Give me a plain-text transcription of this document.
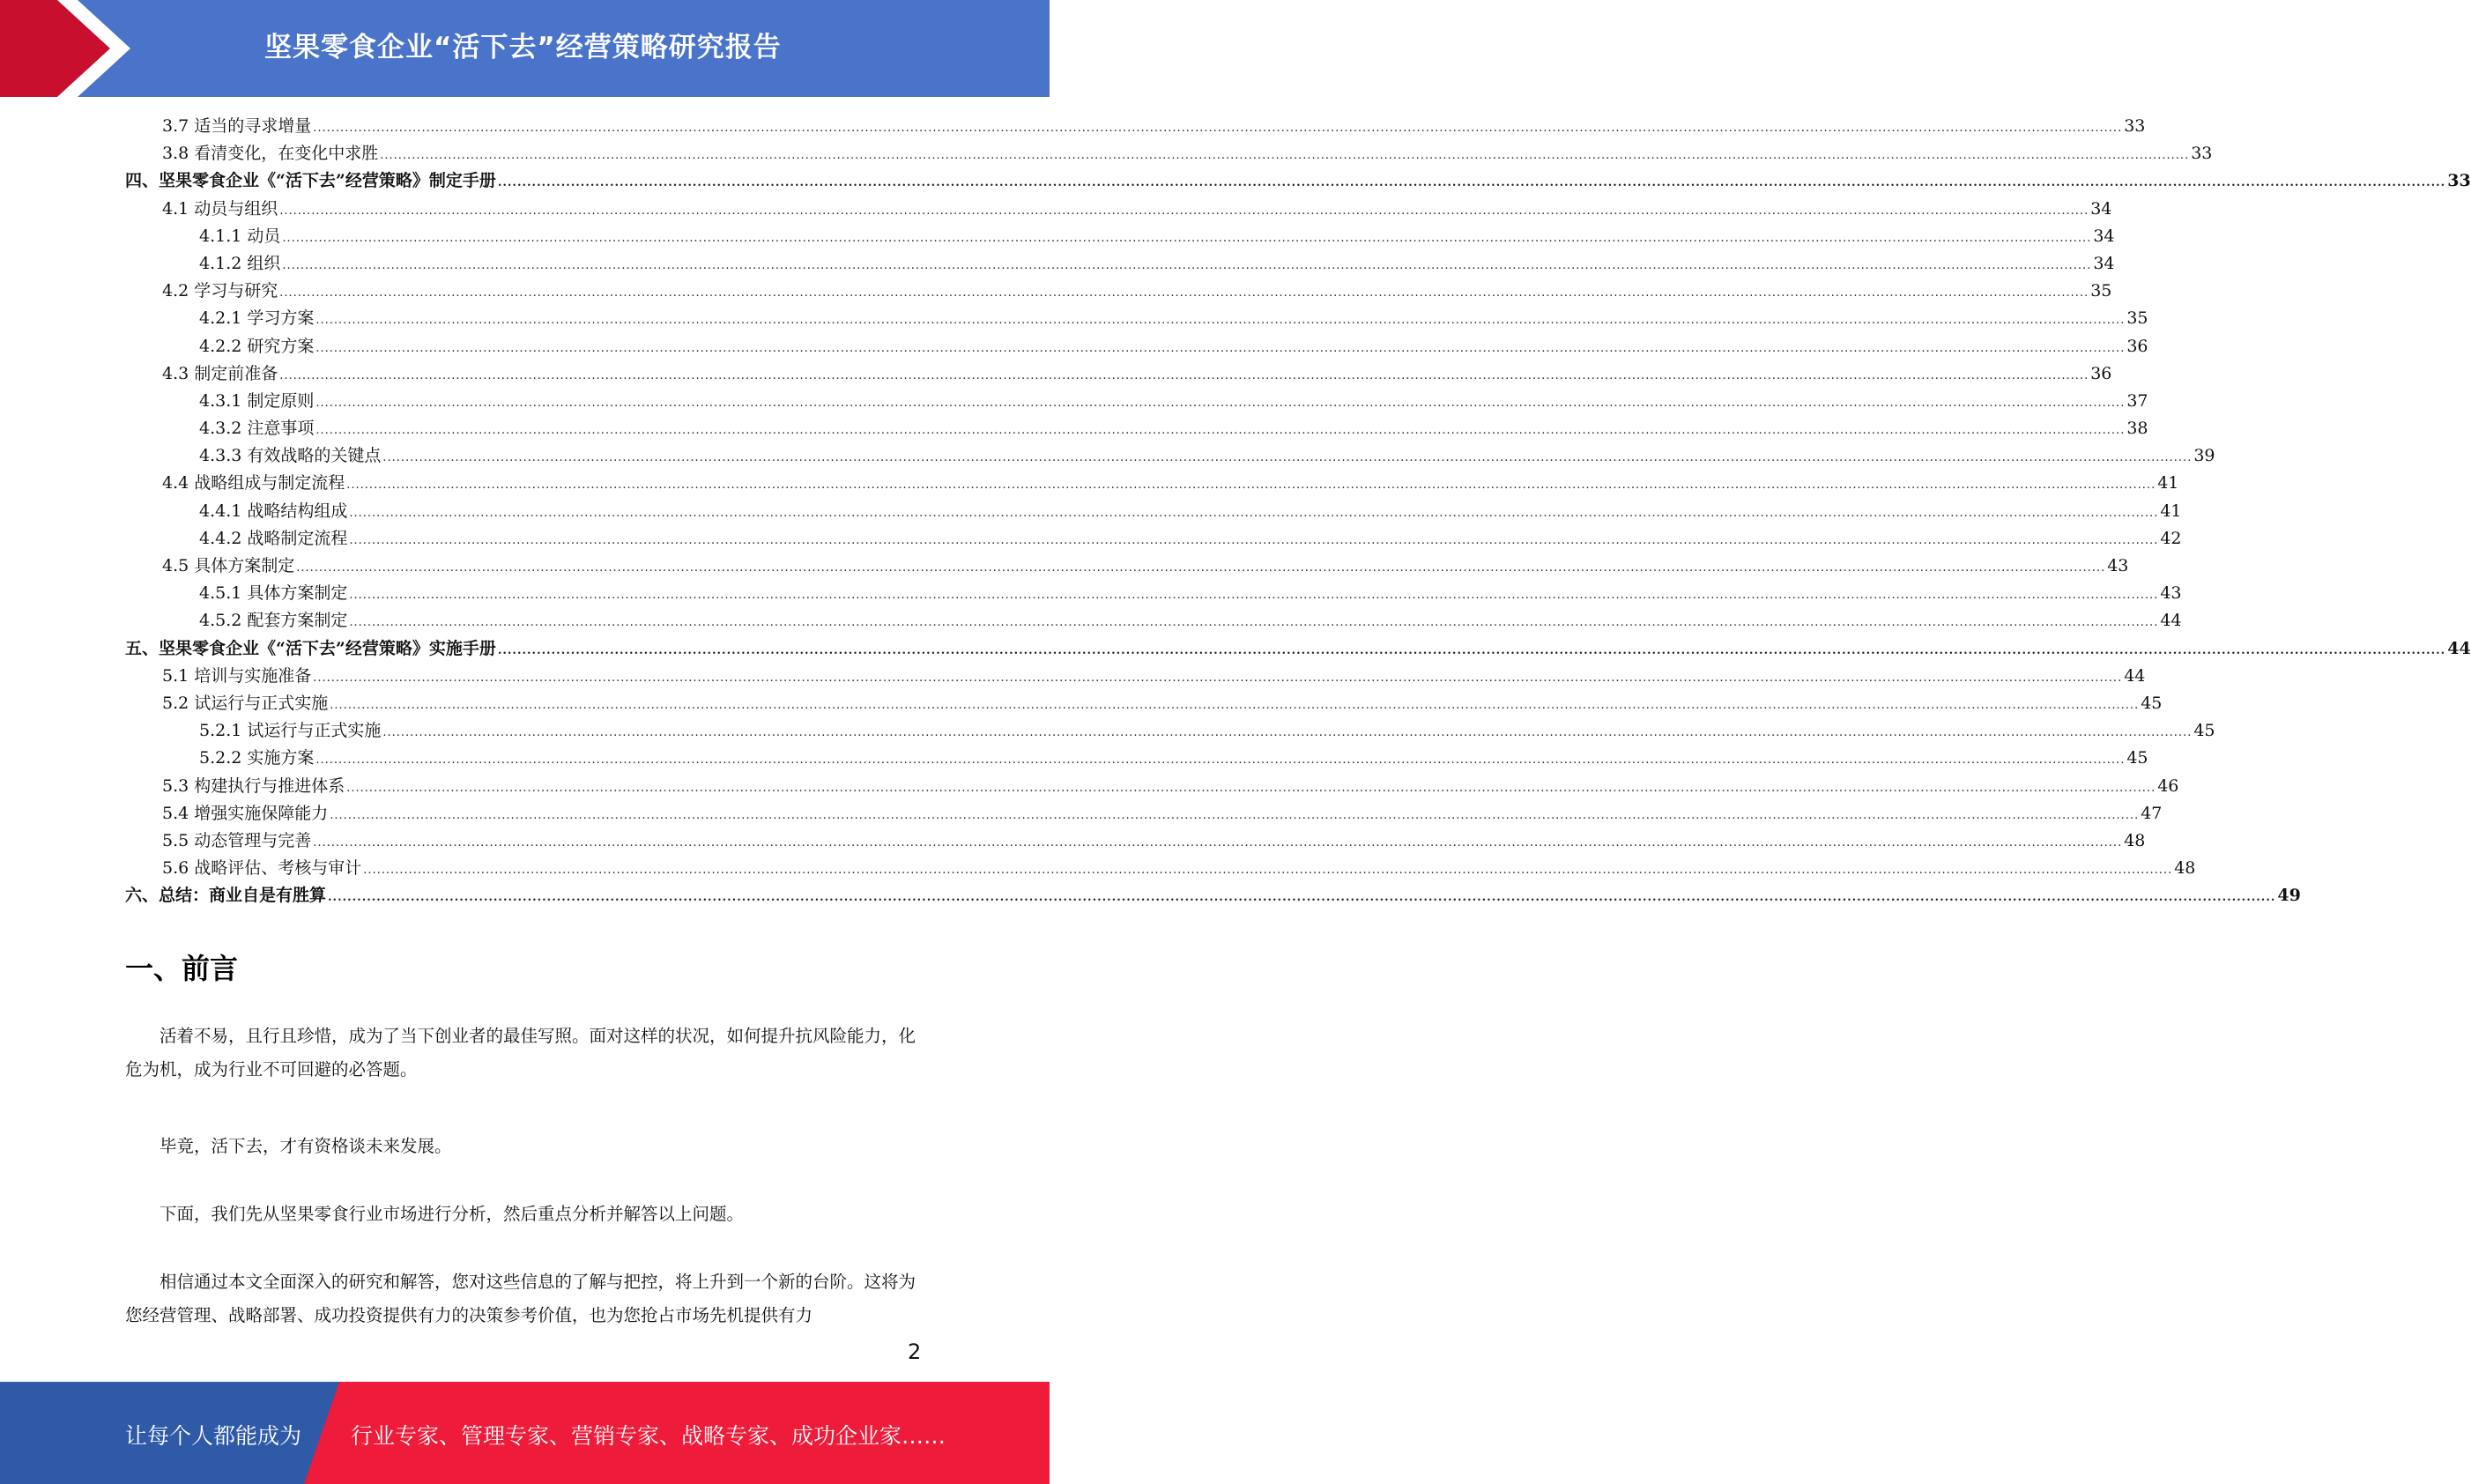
坚果零食企业“活下去”经营策略研究报告
3.7 适当的寻求增量 ................................................................................................................................................................................................................................................................................................................................................................................................................ 33
3.8 看清变化，在变化中求胜 ................................................................................................................................................................................................................................................................................................................................................................................................................ 33
四、坚果零食企业《“活下去”经营策略》制定手册 ................................................................................................................................................................................................................................................................................................................................................................................................................ 33
4.1 动员与组织 ................................................................................................................................................................................................................................................................................................................................................................................................................ 34
4.1.1 动员 ................................................................................................................................................................................................................................................................................................................................................................................................................ 34
4.1.2 组织 ................................................................................................................................................................................................................................................................................................................................................................................................................ 34
4.2 学习与研究 ................................................................................................................................................................................................................................................................................................................................................................................................................ 35
4.2.1 学习方案 ................................................................................................................................................................................................................................................................................................................................................................................................................ 35
4.2.2 研究方案 ................................................................................................................................................................................................................................................................................................................................................................................................................ 36
4.3 制定前准备 ................................................................................................................................................................................................................................................................................................................................................................................................................ 36
4.3.1 制定原则 ................................................................................................................................................................................................................................................................................................................................................................................................................ 37
4.3.2 注意事项 ................................................................................................................................................................................................................................................................................................................................................................................................................ 38
4.3.3 有效战略的关键点 ................................................................................................................................................................................................................................................................................................................................................................................................................ 39
4.4 战略组成与制定流程 ................................................................................................................................................................................................................................................................................................................................................................................................................ 41
4.4.1 战略结构组成 ................................................................................................................................................................................................................................................................................................................................................................................................................ 41
4.4.2 战略制定流程 ................................................................................................................................................................................................................................................................................................................................................................................................................ 42
4.5 具体方案制定 ................................................................................................................................................................................................................................................................................................................................................................................................................ 43
4.5.1 具体方案制定 ................................................................................................................................................................................................................................................................................................................................................................................................................ 43
4.5.2 配套方案制定 ................................................................................................................................................................................................................................................................................................................................................................................................................ 44
五、坚果零食企业《“活下去”经营策略》实施手册 ................................................................................................................................................................................................................................................................................................................................................................................................................ 44
5.1 培训与实施准备 ................................................................................................................................................................................................................................................................................................................................................................................................................ 44
5.2 试运行与正式实施 ................................................................................................................................................................................................................................................................................................................................................................................................................ 45
5.2.1 试运行与正式实施 ................................................................................................................................................................................................................................................................................................................................................................................................................ 45
5.2.2 实施方案 ................................................................................................................................................................................................................................................................................................................................................................................................................ 45
5.3 构建执行与推进体系 ................................................................................................................................................................................................................................................................................................................................................................................................................ 46
5.4 增强实施保障能力 ................................................................................................................................................................................................................................................................................................................................................................................................................ 47
5.5 动态管理与完善 ................................................................................................................................................................................................................................................................................................................................................................................................................ 48
5.6 战略评估、考核与审计 ................................................................................................................................................................................................................................................................................................................................................................................................................ 48
六、总结：商业自是有胜算 ................................................................................................................................................................................................................................................................................................................................................................................................................ 49
一、前言

活着不易，且行且珍惜，成为了当下创业者的最佳写照。面对这样的状况，如何提升抗风险能力，化危为机，成为行业不可回避的必答题。

毕竟，活下去，才有资格谈未来发展。

下面，我们先从坚果零食行业市场进行分析，然后重点分析并解答以上问题。

相信通过本文全面深入的研究和解答，您对这些信息的了解与把控，将上升到一个新的台阶。这将为您经营管理、战略部署、成功投资提供有力的决策参考价值，也为您抢占市场先机提供有力

2
让每个人都能成为 行业专家、管理专家、营销专家、战略专家、成功企业家……
